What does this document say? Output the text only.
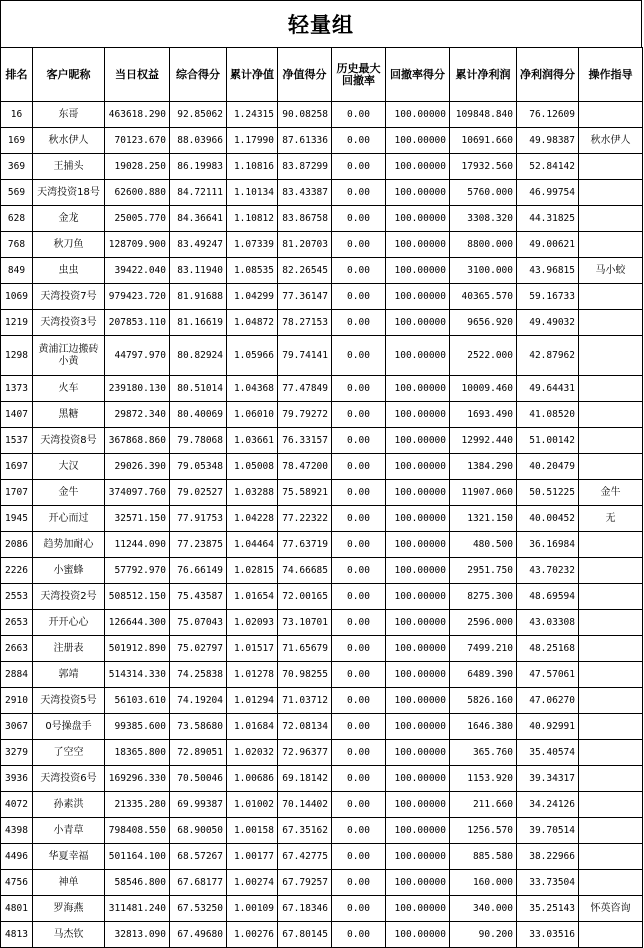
轻量组
排名	客户昵称	当日权益	综合得分	累计净值	净值得分	历史最大回撤率	回撤率得分	累计净利润	净利润得分	操作指导
16	东哥	463618.290	92.85062	1.24315	90.08258	0.00	100.00000	109848.840	76.12609	
169	秋水伊人	70123.670	88.03966	1.17990	87.61336	0.00	100.00000	10691.660	49.98387	秋水伊人
369	王捕头	19028.250	86.19983	1.10816	83.87299	0.00	100.00000	17932.560	52.84142	
569	天湾投资18号	62600.880	84.72111	1.10134	83.43387	0.00	100.00000	5760.000	46.99754	
628	金龙	25005.770	84.36641	1.10812	83.86758	0.00	100.00000	3308.320	44.31825	
768	秋刀鱼	128709.900	83.49247	1.07339	81.20703	0.00	100.00000	8800.000	49.00621	
849	虫虫	39422.040	83.11940	1.08535	82.26545	0.00	100.00000	3100.000	43.96815	马小蛟
1069	天湾投资7号	979423.720	81.91688	1.04299	77.36147	0.00	100.00000	40365.570	59.16733	
1219	天湾投资3号	207853.110	81.16619	1.04872	78.27153	0.00	100.00000	9656.920	49.49032	
1298	黄浦江边搬砖小黄	44797.970	80.82924	1.05966	79.74141	0.00	100.00000	2522.000	42.87962	
1373	火车	239180.130	80.51014	1.04368	77.47849	0.00	100.00000	10009.460	49.64431	
1407	黑糖	29872.340	80.40069	1.06010	79.79272	0.00	100.00000	1693.490	41.08520	
1537	天湾投资8号	367868.860	79.78068	1.03661	76.33157	0.00	100.00000	12992.440	51.00142	
1697	大汉	29026.390	79.05348	1.05008	78.47200	0.00	100.00000	1384.290	40.20479	
1707	金牛	374097.760	79.02527	1.03288	75.58921	0.00	100.00000	11907.060	50.51225	金牛
1945	开心而过	32571.150	77.91753	1.04228	77.22322	0.00	100.00000	1321.150	40.00452	无
2086	趋势加耐心	11244.090	77.23875	1.04464	77.63719	0.00	100.00000	480.500	36.16984	
2226	小蜜蜂	57792.970	76.66149	1.02815	74.66685	0.00	100.00000	2951.750	43.70232	
2553	天湾投资2号	508512.150	75.43587	1.01654	72.00165	0.00	100.00000	8275.300	48.69594	
2653	开开心心	126644.300	75.07043	1.02093	73.10701	0.00	100.00000	2596.000	43.03308	
2663	注册表	501912.890	75.02797	1.01517	71.65679	0.00	100.00000	7499.210	48.25168	
2884	郭靖	514314.330	74.25838	1.01278	70.98255	0.00	100.00000	6489.390	47.57061	
2910	天湾投资5号	56103.610	74.19204	1.01294	71.03712	0.00	100.00000	5826.160	47.06270	
3067	0号操盘手	99385.600	73.58680	1.01684	72.08134	0.00	100.00000	1646.380	40.92991	
3279	了空空	18365.800	72.89051	1.02032	72.96377	0.00	100.00000	365.760	35.40574	
3936	天湾投资6号	169296.330	70.50046	1.00686	69.18142	0.00	100.00000	1153.920	39.34317	
4072	孙素洪	21335.280	69.99387	1.01002	70.14402	0.00	100.00000	211.660	34.24126	
4398	小青草	798408.550	68.90050	1.00158	67.35162	0.00	100.00000	1256.570	39.70514	
4496	华夏幸福	501164.100	68.57267	1.00177	67.42775	0.00	100.00000	885.580	38.22966	
4756	神单	58546.800	67.68177	1.00274	67.79257	0.00	100.00000	160.000	33.73504	
4801	罗海燕	311481.240	67.53250	1.00109	67.18346	0.00	100.00000	340.000	35.25143	怀英咨询
4813	马杰钦	32813.090	67.49680	1.00276	67.80145	0.00	100.00000	90.200	33.03516	
